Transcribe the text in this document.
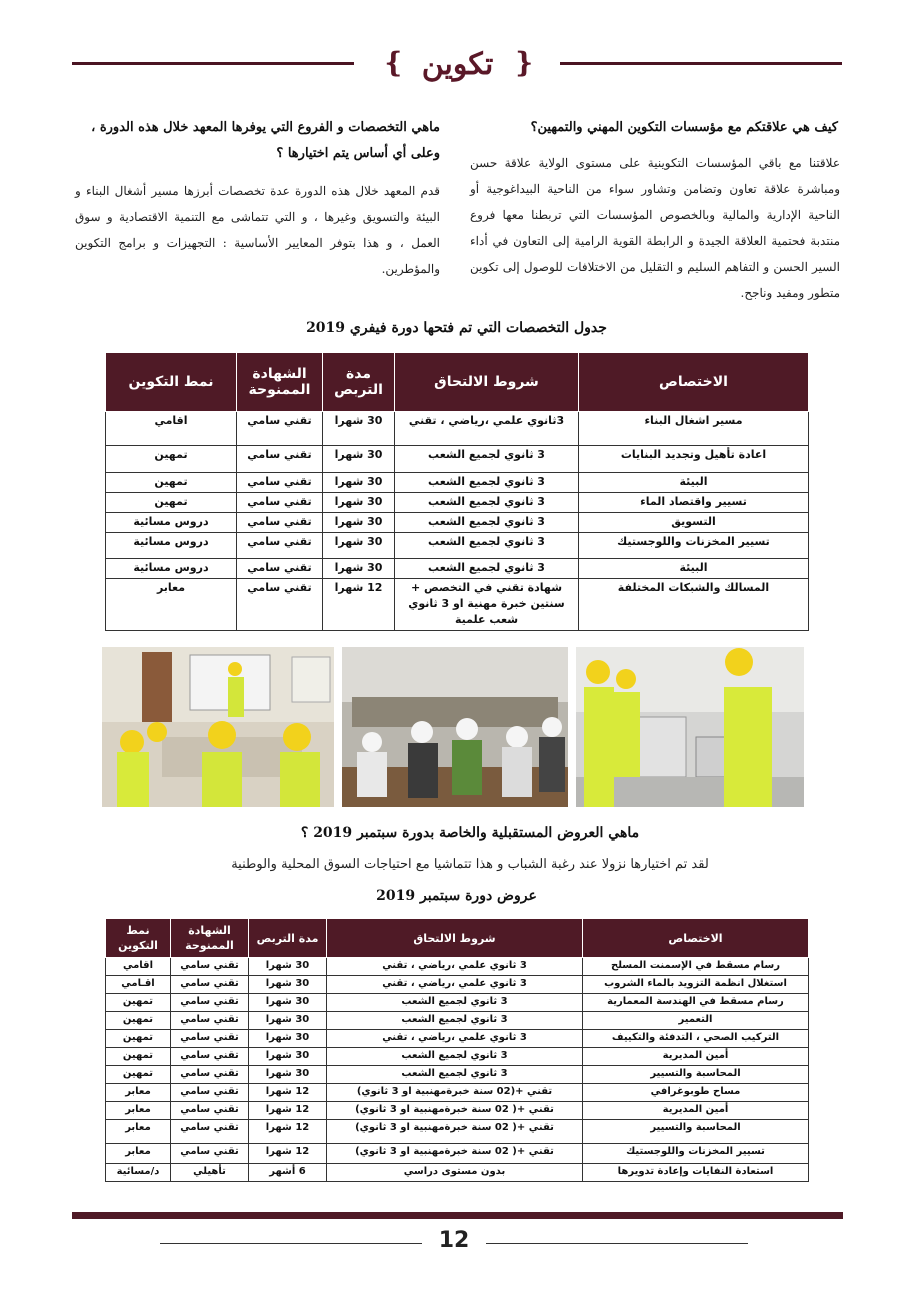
❴ تكوين ❵
كيف هي علاقتكم مع مؤسسات التكوين المهني والتمهين؟
علاقتنا مع باقي المؤسسات التكوينية على مستوى الولاية علاقة حسن ومباشرة علاقة تعاون وتضامن وتشاور سواء من الناحية البيداغوجية أو الناحية الإدارية والمالية وبالخصوص المؤسسات التي تربطنا معها فروع منتدبة فحتمية العلاقة الجيدة و الرابطة القوية الرامية إلى التعاون في أداء السير الحسن و التفاهم السليم و التقليل من الاختلافات للوصول إلى تكوين متطور ومفيد وناجح.
ماهي التخصصات و الفروع التي يوفرها المعهد خلال هذه الدورة ، وعلى أي أساس يتم اختيارها ؟
قدم المعهد خلال هذه الدورة عدة تخصصات أبرزها مسير أشغال البناء و البيئة والتسويق وغيرها ، و التي تتماشى مع التنمية الاقتصادية و سوق العمل ، و هذا بتوفر المعايير الأساسية : التجهيزات و برامج التكوين والمؤطرين.
جدول التخصصات التي تم فتحها دورة فيفري 2019
الاختصاص	شروط الالتحاق	مدة التربص	الشهادة الممنوحة	نمط التكوين
مسير اشغال البناء	3ثانوي علمي ،رياضي ، تقني	30 شهرا	تقني سامي	اقامي
اعادة تأهيل وتجديد البنايات	3 ثانوي لجميع الشعب	30 شهرا	تقني سامي	تمهين
البيئة	3 ثانوي لجميع الشعب	30 شهرا	تقني سامي	تمهين
تسيير واقتصاد الماء	3 ثانوي لجميع الشعب	30 شهرا	تقني سامي	تمهين
التسويق	3 ثانوي لجميع الشعب	30 شهرا	تقني سامي	دروس مسائية
تسيير المخزنات واللوجستيك	3 ثانوي لجميع الشعب	30 شهرا	تقني سامي	دروس مسائية
البيئة	3 ثانوي لجميع الشعب	30 شهرا	تقني سامي	دروس مسائية
المسالك والشبكات المختلفة	شهادة تقني في التخصص + سنتين خبرة مهنية او 3 ثانوي شعب علمية	12 شهرا	تقني سامي	معابر
ماهي العروض المستقبلية والخاصة بدورة سبتمبر 2019 ؟
لقد تم اختيارها نزولا عند رغبة الشباب و هذا تتماشيا مع احتياجات السوق المحلية والوطنية
عروض دورة سبتمبر 2019
الاختصاص	شروط الالتحاق	مدة التربص	الشهادة الممنوحة	نمط التكوين
رسام مسقط في الإسمنت المسلح	3 ثانوي علمي ،رياضي ، تقني	30 شهرا	تقني سامي	اقامي
استغلال انظمة التزويد بالماء الشروب	3 ثانوي علمي ،رياضي ، تقني	30 شهرا	تقني سامي	اقـامي
رسام مسقط في الهندسة المعمارية	3 ثانوي لجميع الشعب	30 شهرا	تقني سامي	تمهين
التعمير	3 ثانوي لجميع الشعب	30 شهرا	تقني سامي	تمهين
التركيب الصحي ، التدفئة والتكييف	3 ثانوي علمي ،رياضي ، تقني	30 شهرا	تقني سامي	تمهين
أمين المديرية	3 ثانوي لجميع الشعب	30 شهرا	تقني سامي	تمهين
المحاسبة والتسيير	3 ثانوي لجميع الشعب	30 شهرا	تقني سامي	تمهين
مساح طوبوغرافي	تقني +(02 سنة خبرةمهنبية او 3 ثانوي)	12 شهرا	تقني سامي	معابر
أمين المديرية	تقني +( 02 سنة خبرةمهنبية او 3 ثانوي)	12 شهرا	تقني سامي	معابر
المحاسبة والتسيير	تقني +( 02 سنة خبرةمهنبية او 3 ثانوي)	12 شهرا	تقني سامي	معابر
تسيير المخزنات واللوجستيك	تقني +( 02 سنة خبرةمهنبية او 3 ثانوي)	12 شهرا	تقني سامي	معابر
استعادة النفايات وإعادة تدويرها	بدون مستوى دراسي	6 أشهر	تأهيلي	د/مسائية
12
